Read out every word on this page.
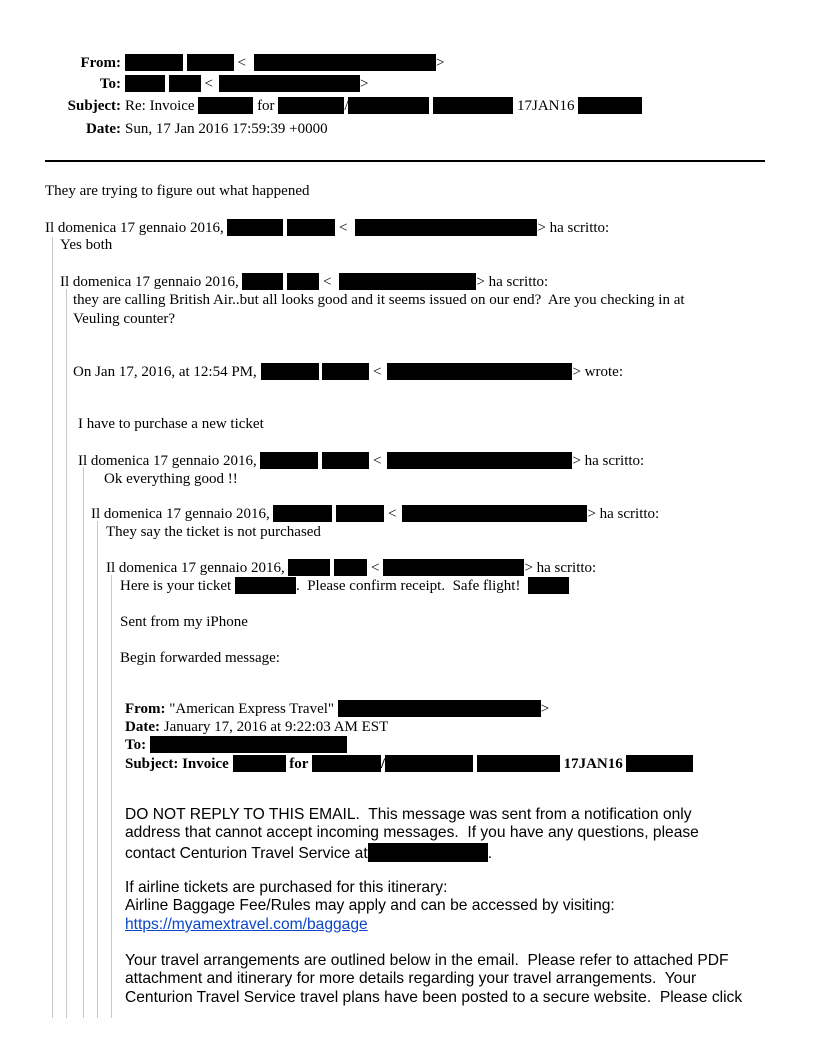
From:	<	>
To:	<	>
Subject: Re: Invoice	for	/	17JAN16
Date: Sun, 17 Jan 2016 17:59:39 +0000
They are trying to figure out what happened
Il domenica 17 gennaio 2016,	<	> ha scritto:
Yes both
Il domenica 17 gennaio 2016,	<	> ha scritto:
they are calling British Air..but all looks good and it seems issued on our end?  Are you checking in at
Veuling counter?
On Jan 17, 2016, at 12:54 PM,	<	> wrote:
I have to purchase a new ticket
Il domenica 17 gennaio 2016,	<	> ha scritto:
Ok everything good !!
Il domenica 17 gennaio 2016,	<	> ha scritto:
They say the ticket is not purchased
Il domenica 17 gennaio 2016,	<	> ha scritto:
Here is your ticket	.  Please confirm receipt.  Safe flight!
Sent from my iPhone
Begin forwarded message:
From: "American Express Travel"	>
Date: January 17, 2016 at 9:22:03 AM EST
To:
Subject: Invoice	for	/	17JAN16
DO NOT REPLY TO THIS EMAIL.  This message was sent from a notification only
address that cannot accept incoming messages.  If you have any questions, please
contact Centurion Travel Service at	.
If airline tickets are purchased for this itinerary:
Airline Baggage Fee/Rules may apply and can be accessed by visiting:
https://myamextravel.com/baggage
Your travel arrangements are outlined below in the email.  Please refer to attached PDF
attachment and itinerary for more details regarding your travel arrangements.  Your
Centurion Travel Service travel plans have been posted to a secure website.  Please click
